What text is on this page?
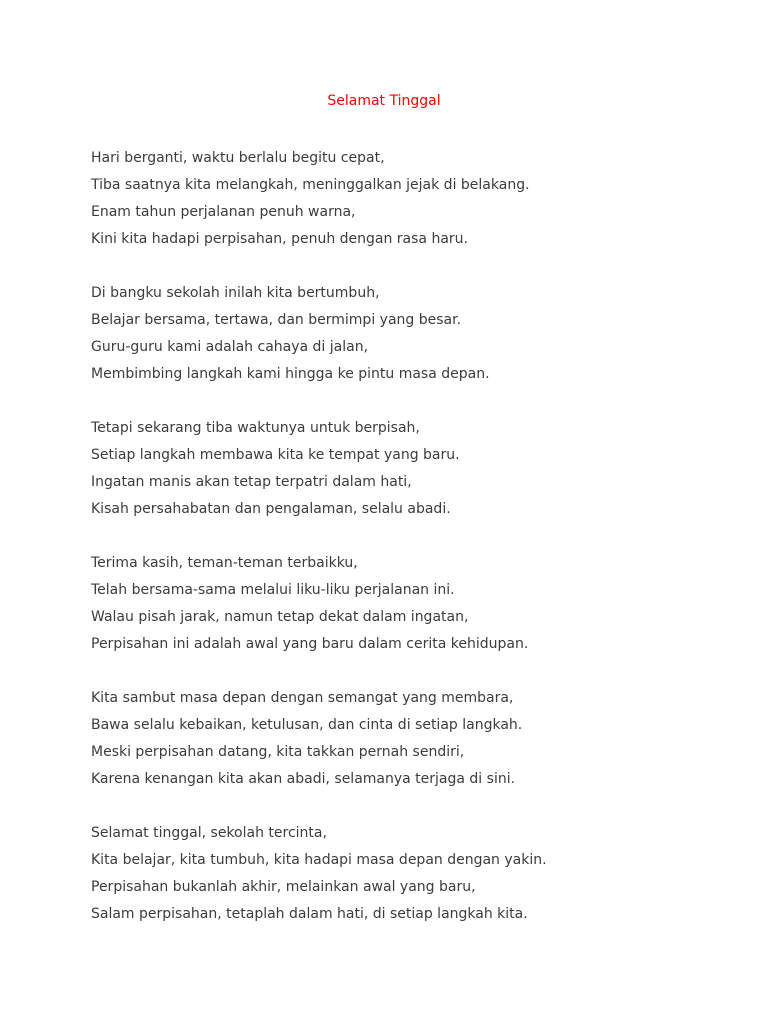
Selamat Tinggal
Hari berganti, waktu berlalu begitu cepat,
Tiba saatnya kita melangkah, meninggalkan jejak di belakang.
Enam tahun perjalanan penuh warna,
Kini kita hadapi perpisahan, penuh dengan rasa haru.
Di bangku sekolah inilah kita bertumbuh,
Belajar bersama, tertawa, dan bermimpi yang besar.
Guru-guru kami adalah cahaya di jalan,
Membimbing langkah kami hingga ke pintu masa depan.
Tetapi sekarang tiba waktunya untuk berpisah,
Setiap langkah membawa kita ke tempat yang baru.
Ingatan manis akan tetap terpatri dalam hati,
Kisah persahabatan dan pengalaman, selalu abadi.
Terima kasih, teman-teman terbaikku,
Telah bersama-sama melalui liku-liku perjalanan ini.
Walau pisah jarak, namun tetap dekat dalam ingatan,
Perpisahan ini adalah awal yang baru dalam cerita kehidupan.
Kita sambut masa depan dengan semangat yang membara,
Bawa selalu kebaikan, ketulusan, dan cinta di setiap langkah.
Meski perpisahan datang, kita takkan pernah sendiri,
Karena kenangan kita akan abadi, selamanya terjaga di sini.
Selamat tinggal, sekolah tercinta,
Kita belajar, kita tumbuh, kita hadapi masa depan dengan yakin.
Perpisahan bukanlah akhir, melainkan awal yang baru,
Salam perpisahan, tetaplah dalam hati, di setiap langkah kita.
